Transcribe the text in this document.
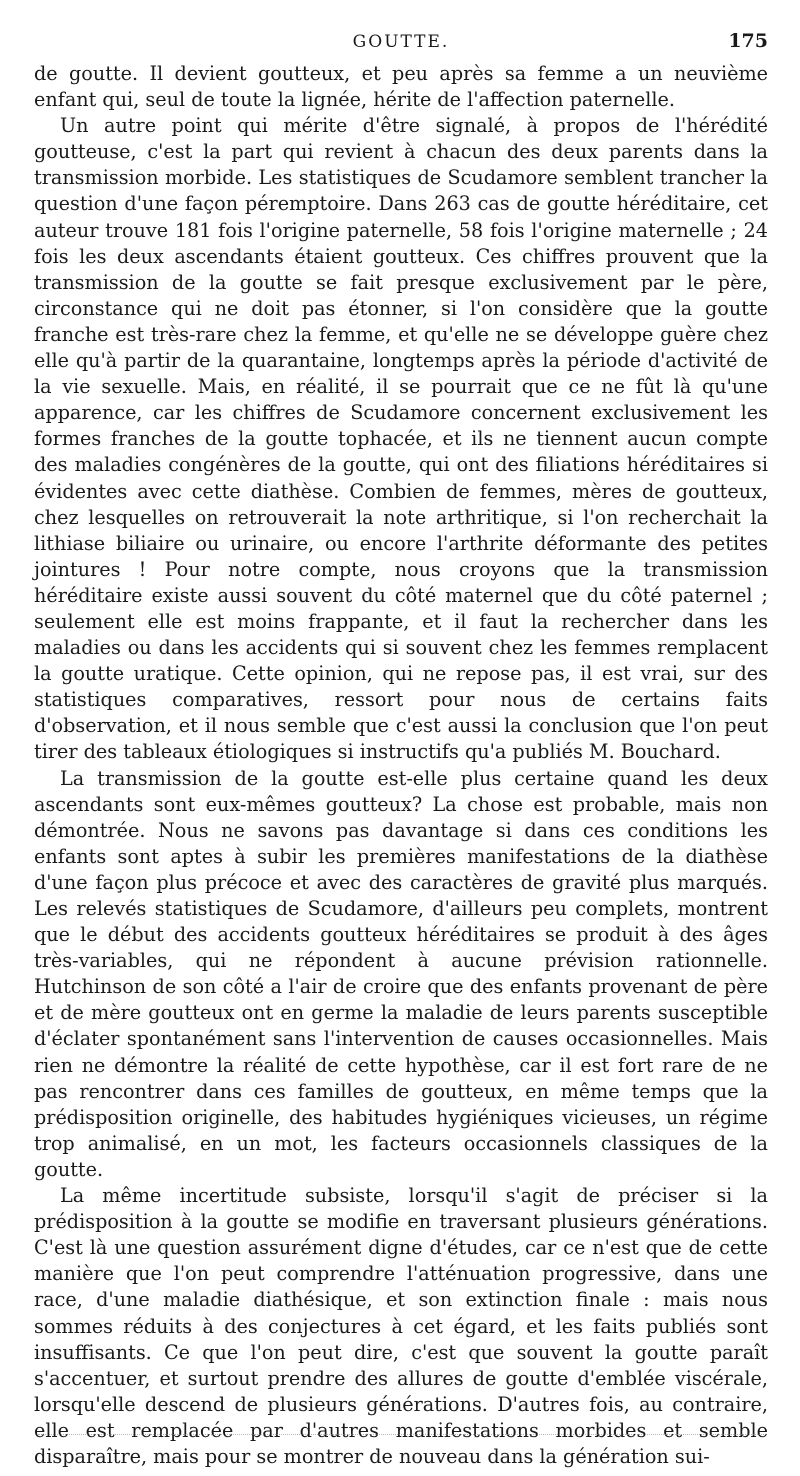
GOUTTE.	175

de goutte. Il devient goutteux, et peu après sa femme a un neuvième enfant qui, seul de toute la lignée, hérite de l'affection paternelle.

Un autre point qui mérite d'être signalé, à propos de l'hérédité goutteuse, c'est la part qui revient à chacun des deux parents dans la transmission morbide. Les statistiques de Scudamore semblent trancher la question d'une façon péremptoire. Dans 263 cas de goutte héréditaire, cet auteur trouve 181 fois l'origine paternelle, 58 fois l'origine maternelle ; 24 fois les deux ascendants étaient goutteux. Ces chiffres prouvent que la transmission de la goutte se fait presque exclusivement par le père, circonstance qui ne doit pas étonner, si l'on considère que la goutte franche est très-rare chez la femme, et qu'elle ne se développe guère chez elle qu'à partir de la quarantaine, longtemps après la période d'activité de la vie sexuelle. Mais, en réalité, il se pourrait que ce ne fût là qu'une apparence, car les chiffres de Scudamore concernent exclusivement les formes franches de la goutte tophacée, et ils ne tiennent aucun compte des maladies congénères de la goutte, qui ont des filiations héréditaires si évidentes avec cette diathèse. Combien de femmes, mères de goutteux, chez lesquelles on retrouverait la note arthritique, si l'on recherchait la lithiase biliaire ou urinaire, ou encore l'arthrite déformante des petites jointures ! Pour notre compte, nous croyons que la transmission héréditaire existe aussi souvent du côté maternel que du côté paternel ; seulement elle est moins frappante, et il faut la rechercher dans les maladies ou dans les accidents qui si souvent chez les femmes remplacent la goutte uratique. Cette opinion, qui ne repose pas, il est vrai, sur des statistiques comparatives, ressort pour nous de certains faits d'observation, et il nous semble que c'est aussi la conclusion que l'on peut tirer des tableaux étiologiques si instructifs qu'a publiés M. Bouchard.

La transmission de la goutte est-elle plus certaine quand les deux ascendants sont eux-mêmes goutteux? La chose est probable, mais non démontrée. Nous ne savons pas davantage si dans ces conditions les enfants sont aptes à subir les premières manifestations de la diathèse d'une façon plus précoce et avec des caractères de gravité plus marqués. Les relevés statistiques de Scudamore, d'ailleurs peu complets, montrent que le début des accidents goutteux héréditaires se produit à des âges très-variables, qui ne répondent à aucune prévision rationnelle. Hutchinson de son côté a l'air de croire que des enfants provenant de père et de mère goutteux ont en germe la maladie de leurs parents susceptible d'éclater spontanément sans l'intervention de causes occasionnelles. Mais rien ne démontre la réalité de cette hypothèse, car il est fort rare de ne pas rencontrer dans ces familles de goutteux, en même temps que la prédisposition originelle, des habitudes hygiéniques vicieuses, un régime trop animalisé, en un mot, les facteurs occasionnels classiques de la goutte.

La même incertitude subsiste, lorsqu'il s'agit de préciser si la prédisposition à la goutte se modifie en traversant plusieurs générations. C'est là une question assurément digne d'études, car ce n'est que de cette manière que l'on peut comprendre l'atténuation progressive, dans une race, d'une maladie diathésique, et son extinction finale : mais nous sommes réduits à des conjectures à cet égard, et les faits publiés sont insuffisants. Ce que l'on peut dire, c'est que souvent la goutte paraît s'accentuer, et surtout prendre des allures de goutte d'emblée viscérale, lorsqu'elle descend de plusieurs générations. D'autres fois, au contraire, elle est remplacée par d'autres manifestations morbides et semble disparaître, mais pour se montrer de nouveau dans la génération sui-
